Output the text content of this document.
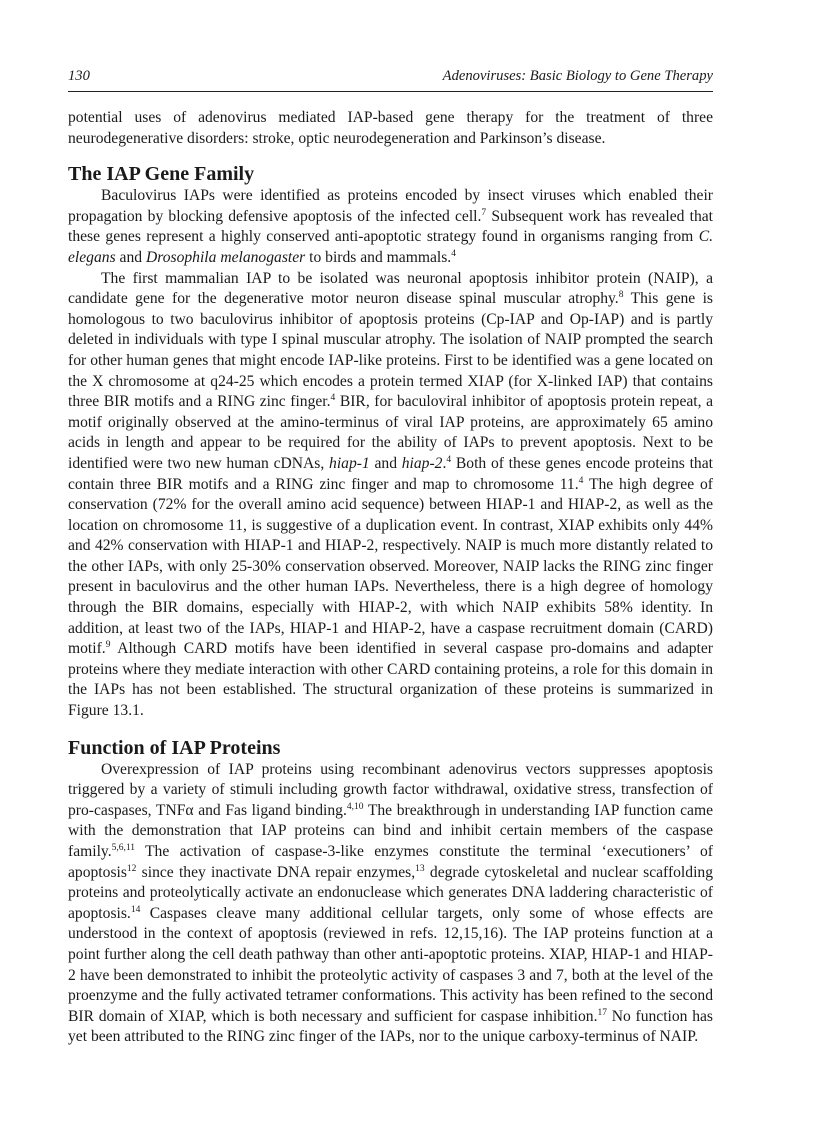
130	Adenoviruses: Basic Biology to Gene Therapy

potential uses of adenovirus mediated IAP-based gene therapy for the treatment of three neurodegenerative disorders: stroke, optic neurodegeneration and Parkinson’s disease.

The IAP Gene Family

Baculovirus IAPs were identified as proteins encoded by insect viruses which enabled their propagation by blocking defensive apoptosis of the infected cell.$^7$ Subsequent work has revealed that these genes represent a highly conserved anti-apoptotic strategy found in organisms ranging from C. elegans and Drosophila melanogaster to birds and mammals.$^4$

The first mammalian IAP to be isolated was neuronal apoptosis inhibitor protein (NAIP), a candidate gene for the degenerative motor neuron disease spinal muscular atrophy.$^8$ This gene is homologous to two baculovirus inhibitor of apoptosis proteins (Cp-IAP and Op-IAP) and is partly deleted in individuals with type I spinal muscular atrophy. The isolation of NAIP prompted the search for other human genes that might encode IAP-like proteins. First to be identified was a gene located on the X chromosome at q24-25 which encodes a protein termed XIAP (for X-linked IAP) that contains three BIR motifs and a RING zinc finger.$^4$ BIR, for baculoviral inhibitor of apoptosis protein repeat, a motif originally observed at the amino-terminus of viral IAP proteins, are approximately 65 amino acids in length and appear to be required for the ability of IAPs to prevent apoptosis. Next to be identified were two new human cDNAs, hiap-1 and hiap-2.$^4$ Both of these genes encode proteins that contain three BIR motifs and a RING zinc finger and map to chromosome 11.$^4$ The high degree of conservation (72% for the overall amino acid sequence) between HIAP-1 and HIAP-2, as well as the location on chromosome 11, is suggestive of a duplication event. In contrast, XIAP exhibits only 44% and 42% conservation with HIAP-1 and HIAP-2, respectively. NAIP is much more distantly related to the other IAPs, with only 25-30% conservation observed. Moreover, NAIP lacks the RING zinc finger present in baculovirus and the other human IAPs. Nevertheless, there is a high degree of homology through the BIR domains, especially with HIAP-2, with which NAIP exhibits 58% identity. In addition, at least two of the IAPs, HIAP-1 and HIAP-2, have a caspase recruitment domain (CARD) motif.$^9$ Although CARD motifs have been identified in several caspase pro-domains and adapter proteins where they mediate interaction with other CARD containing proteins, a role for this domain in the IAPs has not been established. The structural organization of these proteins is summarized in Figure 13.1.

Function of IAP Proteins

Overexpression of IAP proteins using recombinant adenovirus vectors suppresses apoptosis triggered by a variety of stimuli including growth factor withdrawal, oxidative stress, transfection of pro-caspases, TNFα and Fas ligand binding.$^{4,10}$ The breakthrough in understanding IAP function came with the demonstration that IAP proteins can bind and inhibit certain members of the caspase family.$^{5,6,11}$ The activation of caspase-3-like enzymes constitute the terminal ‘executioners’ of apoptosis$^{12}$ since they inactivate DNA repair enzymes,$^{13}$ degrade cytoskeletal and nuclear scaffolding proteins and proteolytically activate an endonuclease which generates DNA laddering characteristic of apoptosis.$^{14}$ Caspases cleave many additional cellular targets, only some of whose effects are understood in the context of apoptosis (reviewed in refs. 12,15,16). The IAP proteins function at a point further along the cell death pathway than other anti-apoptotic proteins. XIAP, HIAP-1 and HIAP-2 have been demonstrated to inhibit the proteolytic activity of caspases 3 and 7, both at the level of the proenzyme and the fully activated tetramer conformations. This activity has been refined to the second BIR domain of XIAP, which is both necessary and sufficient for caspase inhibition.$^{17}$ No function has yet been attributed to the RING zinc finger of the IAPs, nor to the unique carboxy-terminus of NAIP.
